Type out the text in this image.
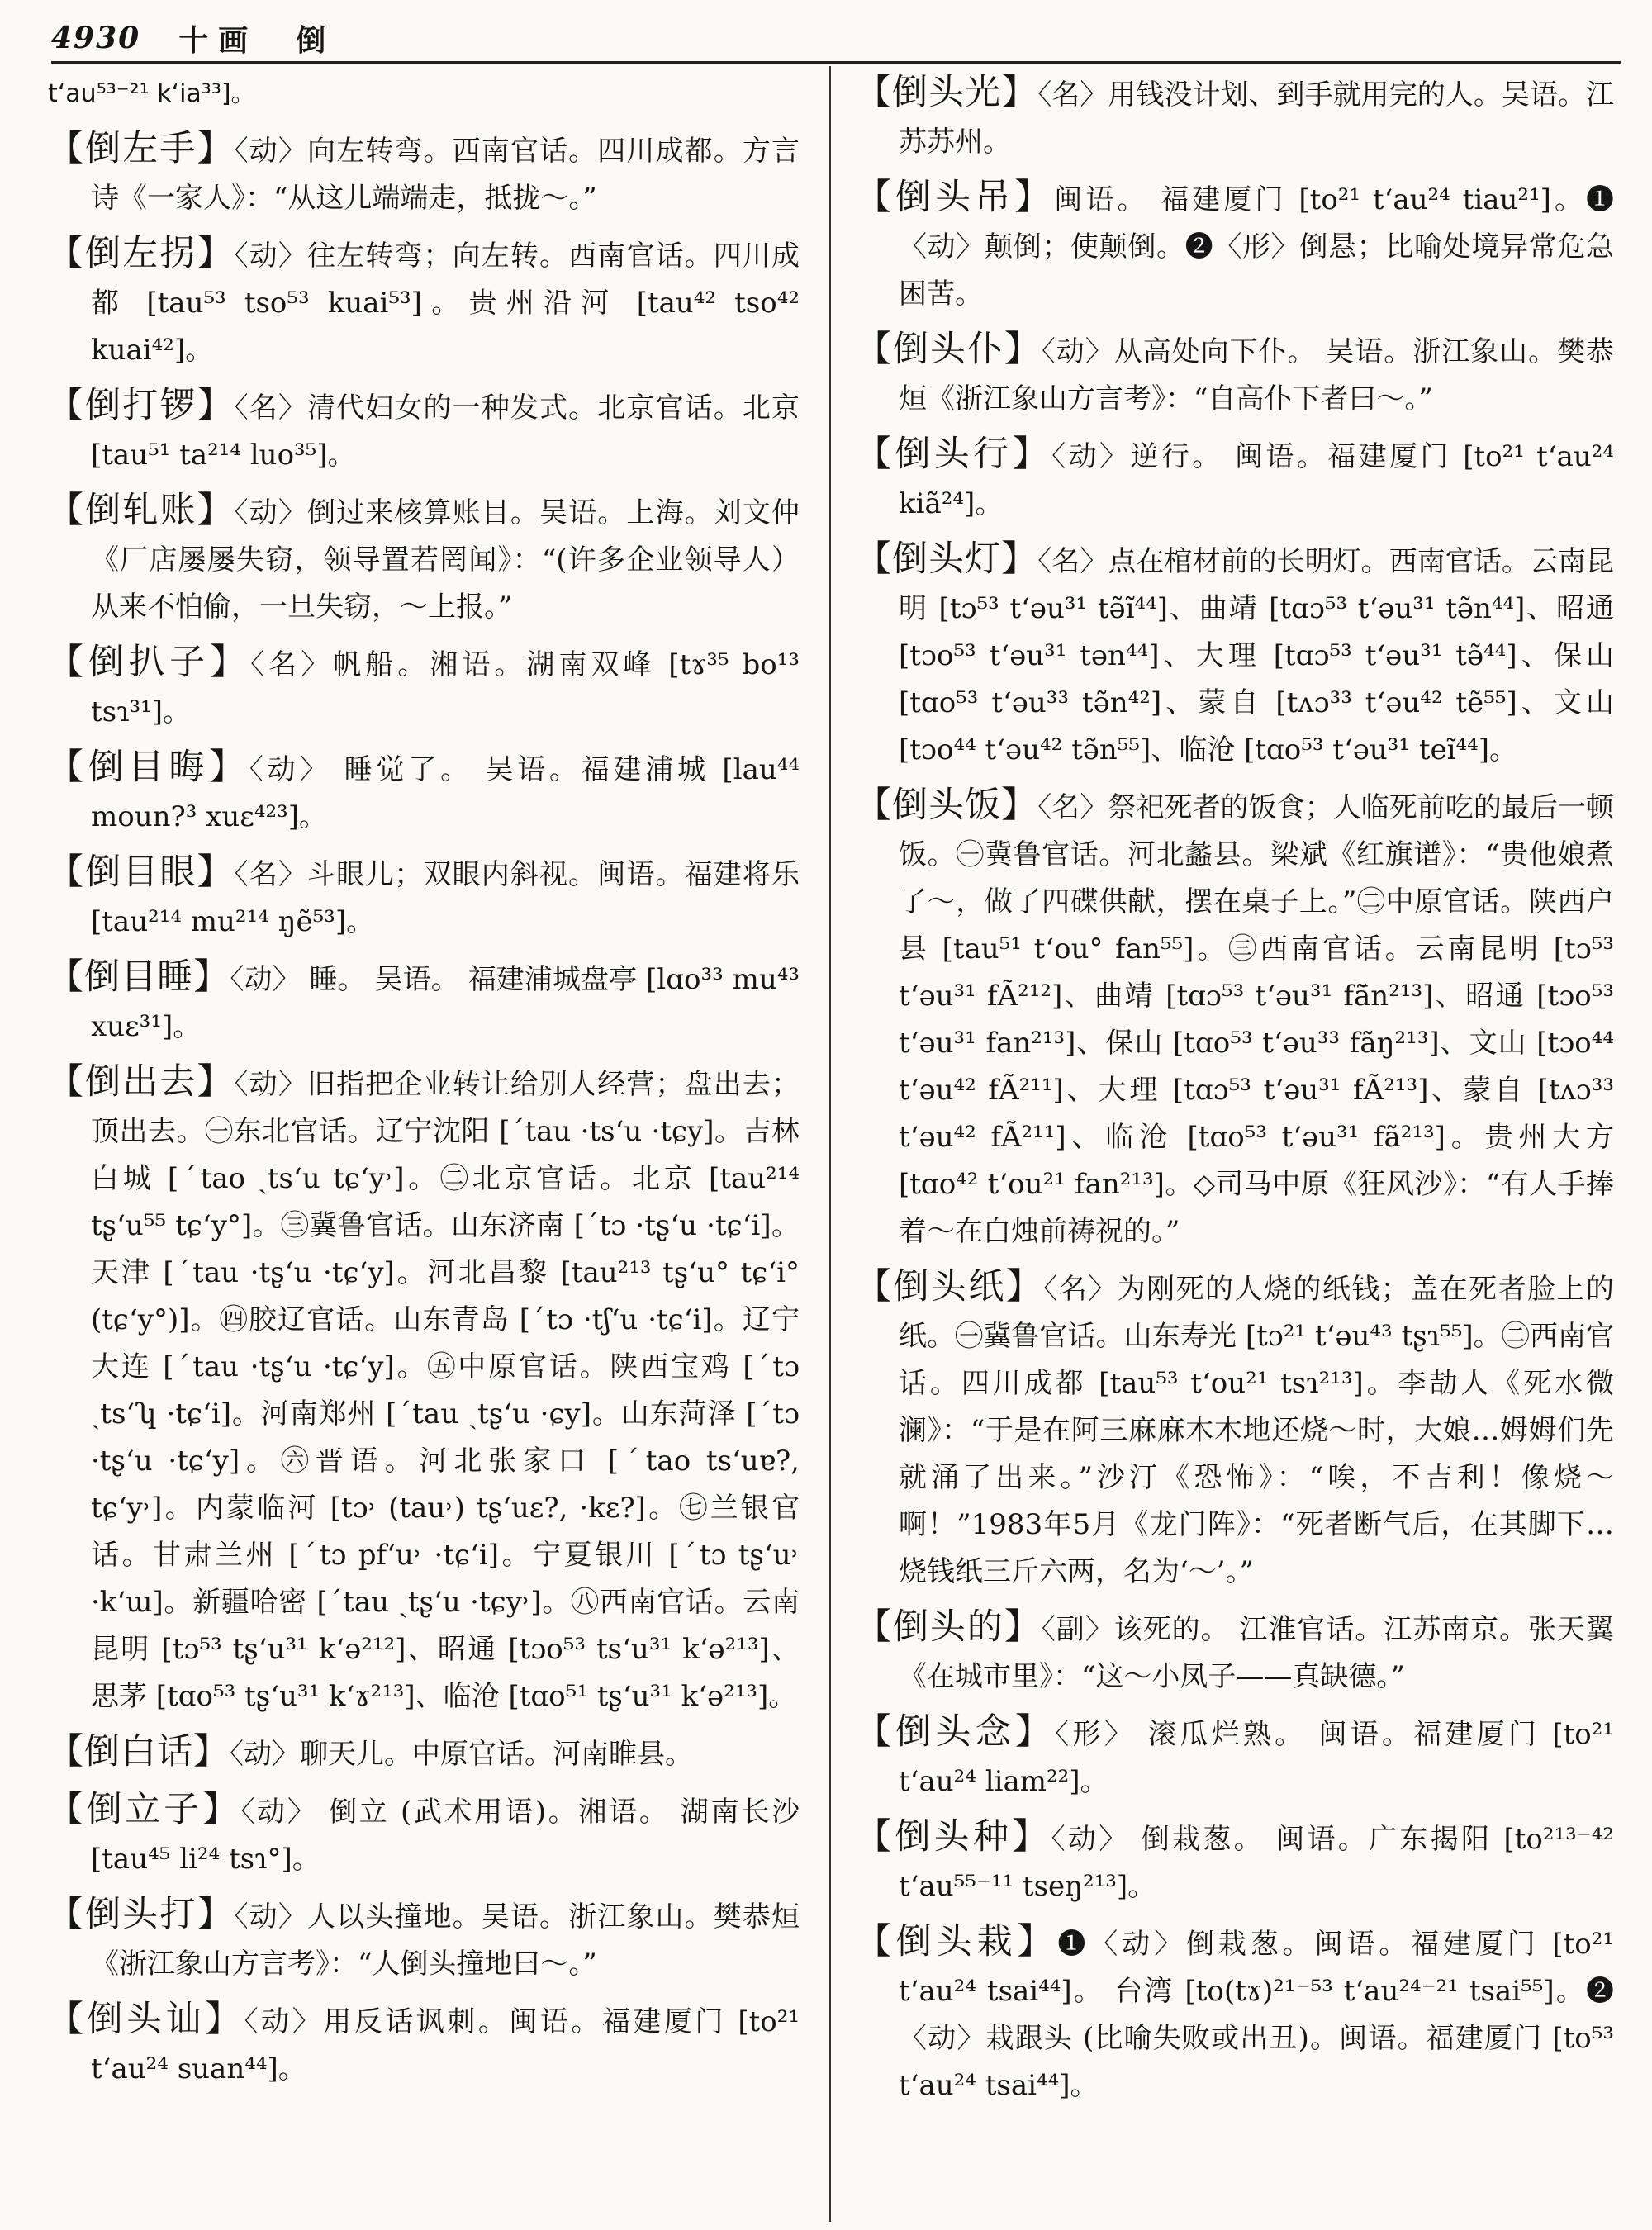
4930 十画 倒

t‘au⁵³⁻²¹ k‘ia³³]。

【倒左手】〈动〉向左转弯。西南官话。四川成都。方言诗《一家人》：“从这儿端端走，抵拢～。”

【倒左拐】〈动〉往左转弯；向左转。西南官话。四川成都 [tau⁵³ tso⁵³ kuai⁵³]。贵州沿河 [tau⁴² tso⁴² kuai⁴²]。

【倒打锣】〈名〉清代妇女的一种发式。北京官话。北京 [tau⁵¹ ta²¹⁴ luo³⁵]。

【倒轧账】〈动〉倒过来核算账目。吴语。上海。刘文仲《厂店屡屡失窃，领导置若罔闻》：“(许多企业领导人）从来不怕偷，一旦失窃，～上报。”

【倒扒子】〈名〉帆船。湘语。湖南双峰 [tɤ³⁵ bo¹³ tsɿ³¹]。

【倒目晦】〈动〉 睡觉了。 吴语。福建浦城 [lau⁴⁴ moun?³ xuɛ⁴²³]。

【倒目眼】〈名〉斗眼儿；双眼内斜视。闽语。福建将乐 [tau²¹⁴ mu²¹⁴ ŋẽ⁵³]。

【倒目睡】〈动〉 睡。 吴语。 福建浦城盘亭 [lɑo³³ mu⁴³ xuɛ³¹]。

【倒出去】〈动〉旧指把企业转让给别人经营；盘出去；顶出去。㊀东北官话。辽宁沈阳 [ˊtau ·ts‘u ·tɕy]。吉林白城 [ˊtao ˏts‘u tɕ‘y˒]。㊁北京官话。北京 [tau²¹⁴ tʂ‘u⁵⁵ tɕ‘y°]。㊂冀鲁官话。山东济南 [ˊtɔ ·tʂ‘u ·tɕ‘i]。天津 [ˊtau ·tʂ‘u ·tɕ‘y]。河北昌黎 [tau²¹³ tʂ‘u° tɕ‘i° (tɕ‘y°)]。㊃胶辽官话。山东青岛 [ˊtɔ ·tʃ‘u ·tɕ‘i]。辽宁大连 [ˊtau ·tʂ‘u ·tɕ‘y]。㊄中原官话。陕西宝鸡 [ˊtɔ ˏts‘ʮ ·tɕ‘i]。河南郑州 [ˊtau ˏtʂ‘u ·ɕy]。山东菏泽 [ˊtɔ ·tʂ‘u ·tɕ‘y]。㊅晋语。河北张家口 [ˊtao ts‘uɐ?, tɕ‘y˒]。内蒙临河 [tɔ˒ (tau˒) tʂ‘uɛ?, ·kɛ?]。㊆兰银官话。甘肃兰州 [ˊtɔ pf‘u˒ ·tɕ‘i]。宁夏银川 [ˊtɔ tʂ‘u˒ ·k‘ɯ]。新疆哈密 [ˊtau ˏtʂ‘u ·tɕy˒]。㊇西南官话。云南昆明 [tɔ⁵³ tʂ‘u³¹ k‘ə²¹²]、昭通 [tɔo⁵³ ts‘u³¹ k‘ə²¹³]、思茅 [tɑo⁵³ tʂ‘u³¹ k‘ɤ²¹³]、临沧 [tɑo⁵¹ tʂ‘u³¹ k‘ə²¹³]。

【倒白话】〈动〉聊天儿。中原官话。河南睢县。

【倒立子】〈动〉 倒立 (武术用语)。湘语。 湖南长沙 [tau⁴⁵ li²⁴ tsɿ°]。

【倒头打】〈动〉人以头撞地。吴语。浙江象山。樊恭烜《浙江象山方言考》：“人倒头撞地曰～。”

【倒头讪】〈动〉用反话讽刺。闽语。福建厦门 [to²¹ t‘au²⁴ suan⁴⁴]。

【倒头光】〈名〉用钱没计划、到手就用完的人。吴语。江苏苏州。

【倒头吊】闽语。 福建厦门 [to²¹ t‘au²⁴ tiau²¹]。❶〈动〉颠倒；使颠倒。❷〈形〉倒悬；比喻处境异常危急困苦。

【倒头仆】〈动〉从高处向下仆。 吴语。浙江象山。樊恭烜《浙江象山方言考》：“自高仆下者曰～。”

【倒头行】〈动〉逆行。 闽语。福建厦门 [to²¹ t‘au²⁴ kiã²⁴]。

【倒头灯】〈名〉点在棺材前的长明灯。西南官话。云南昆明 [tɔ⁵³ t‘əu³¹ tə̃ĩ⁴⁴]、曲靖 [tɑɔ⁵³ t‘əu³¹ tə̃n⁴⁴]、昭通 [tɔo⁵³ t‘əu³¹ tən⁴⁴]、大理 [tɑɔ⁵³ t‘əu³¹ tə̃⁴⁴]、保山 [tɑo⁵³ t‘əu³³ tə̃n⁴²]、蒙自 [tʌɔ³³ t‘əu⁴² tẽ⁵⁵]、文山 [tɔo⁴⁴ t‘əu⁴² tə̃n⁵⁵]、临沧 [tɑo⁵³ t‘əu³¹ teĩ⁴⁴]。

【倒头饭】〈名〉祭祀死者的饭食；人临死前吃的最后一顿饭。㊀冀鲁官话。河北蠡县。梁斌《红旗谱》：“贵他娘煮了～，做了四碟供献，摆在桌子上。”㊁中原官话。陕西户县 [tau⁵¹ t‘ou° fan⁵⁵]。㊂西南官话。云南昆明 [tɔ⁵³ t‘əu³¹ fÃ²¹²]、曲靖 [tɑɔ⁵³ t‘əu³¹ fã̄n²¹³]、昭通 [tɔo⁵³ t‘əu³¹ fan²¹³]、保山 [tɑo⁵³ t‘əu³³ fãŋ²¹³]、文山 [tɔo⁴⁴ t‘əu⁴² fÃ²¹¹]、大理 [tɑɔ⁵³ t‘əu³¹ fÃ²¹³]、蒙自 [tʌɔ³³ t‘əu⁴² fÃ²¹¹]、临沧 [tɑo⁵³ t‘əu³¹ fã²¹³]。贵州大方 [tɑo⁴² t‘ou²¹ fan²¹³]。◇司马中原《狂风沙》：“有人手捧着～在白烛前祷祝的。”

【倒头纸】〈名〉为刚死的人烧的纸钱；盖在死者脸上的纸。㊀冀鲁官话。山东寿光 [tɔ²¹ t‘əu⁴³ tʂɿ⁵⁵]。㊁西南官话。四川成都 [tau⁵³ t‘ou²¹ tsɿ²¹³]。李劼人《死水微澜》：“于是在阿三麻麻木木地还烧～时，大娘…姆姆们先就涌了出来。”沙汀《恐怖》：“唉，不吉利！像烧～啊！”1983年5月《龙门阵》：“死者断气后，在其脚下…烧钱纸三斤六两，名为‘～’。”

【倒头的】〈副〉该死的。 江淮官话。江苏南京。张天翼《在城市里》：“这～小凤子——真缺德。”

【倒头念】〈形〉 滚瓜烂熟。 闽语。福建厦门 [to²¹ t‘au²⁴ liam²²]。

【倒头种】〈动〉 倒栽葱。 闽语。广东揭阳 [to²¹³⁻⁴² t‘au⁵⁵⁻¹¹ tseŋ²¹³]。

【倒头栽】❶〈动〉倒栽葱。闽语。福建厦门 [to²¹ t‘au²⁴ tsai⁴⁴]。 台湾 [to(tɤ)²¹⁻⁵³ t‘au²⁴⁻²¹ tsai⁵⁵]。❷〈动〉栽跟头 (比喻失败或出丑)。闽语。福建厦门 [to⁵³ t‘au²⁴ tsai⁴⁴]。
